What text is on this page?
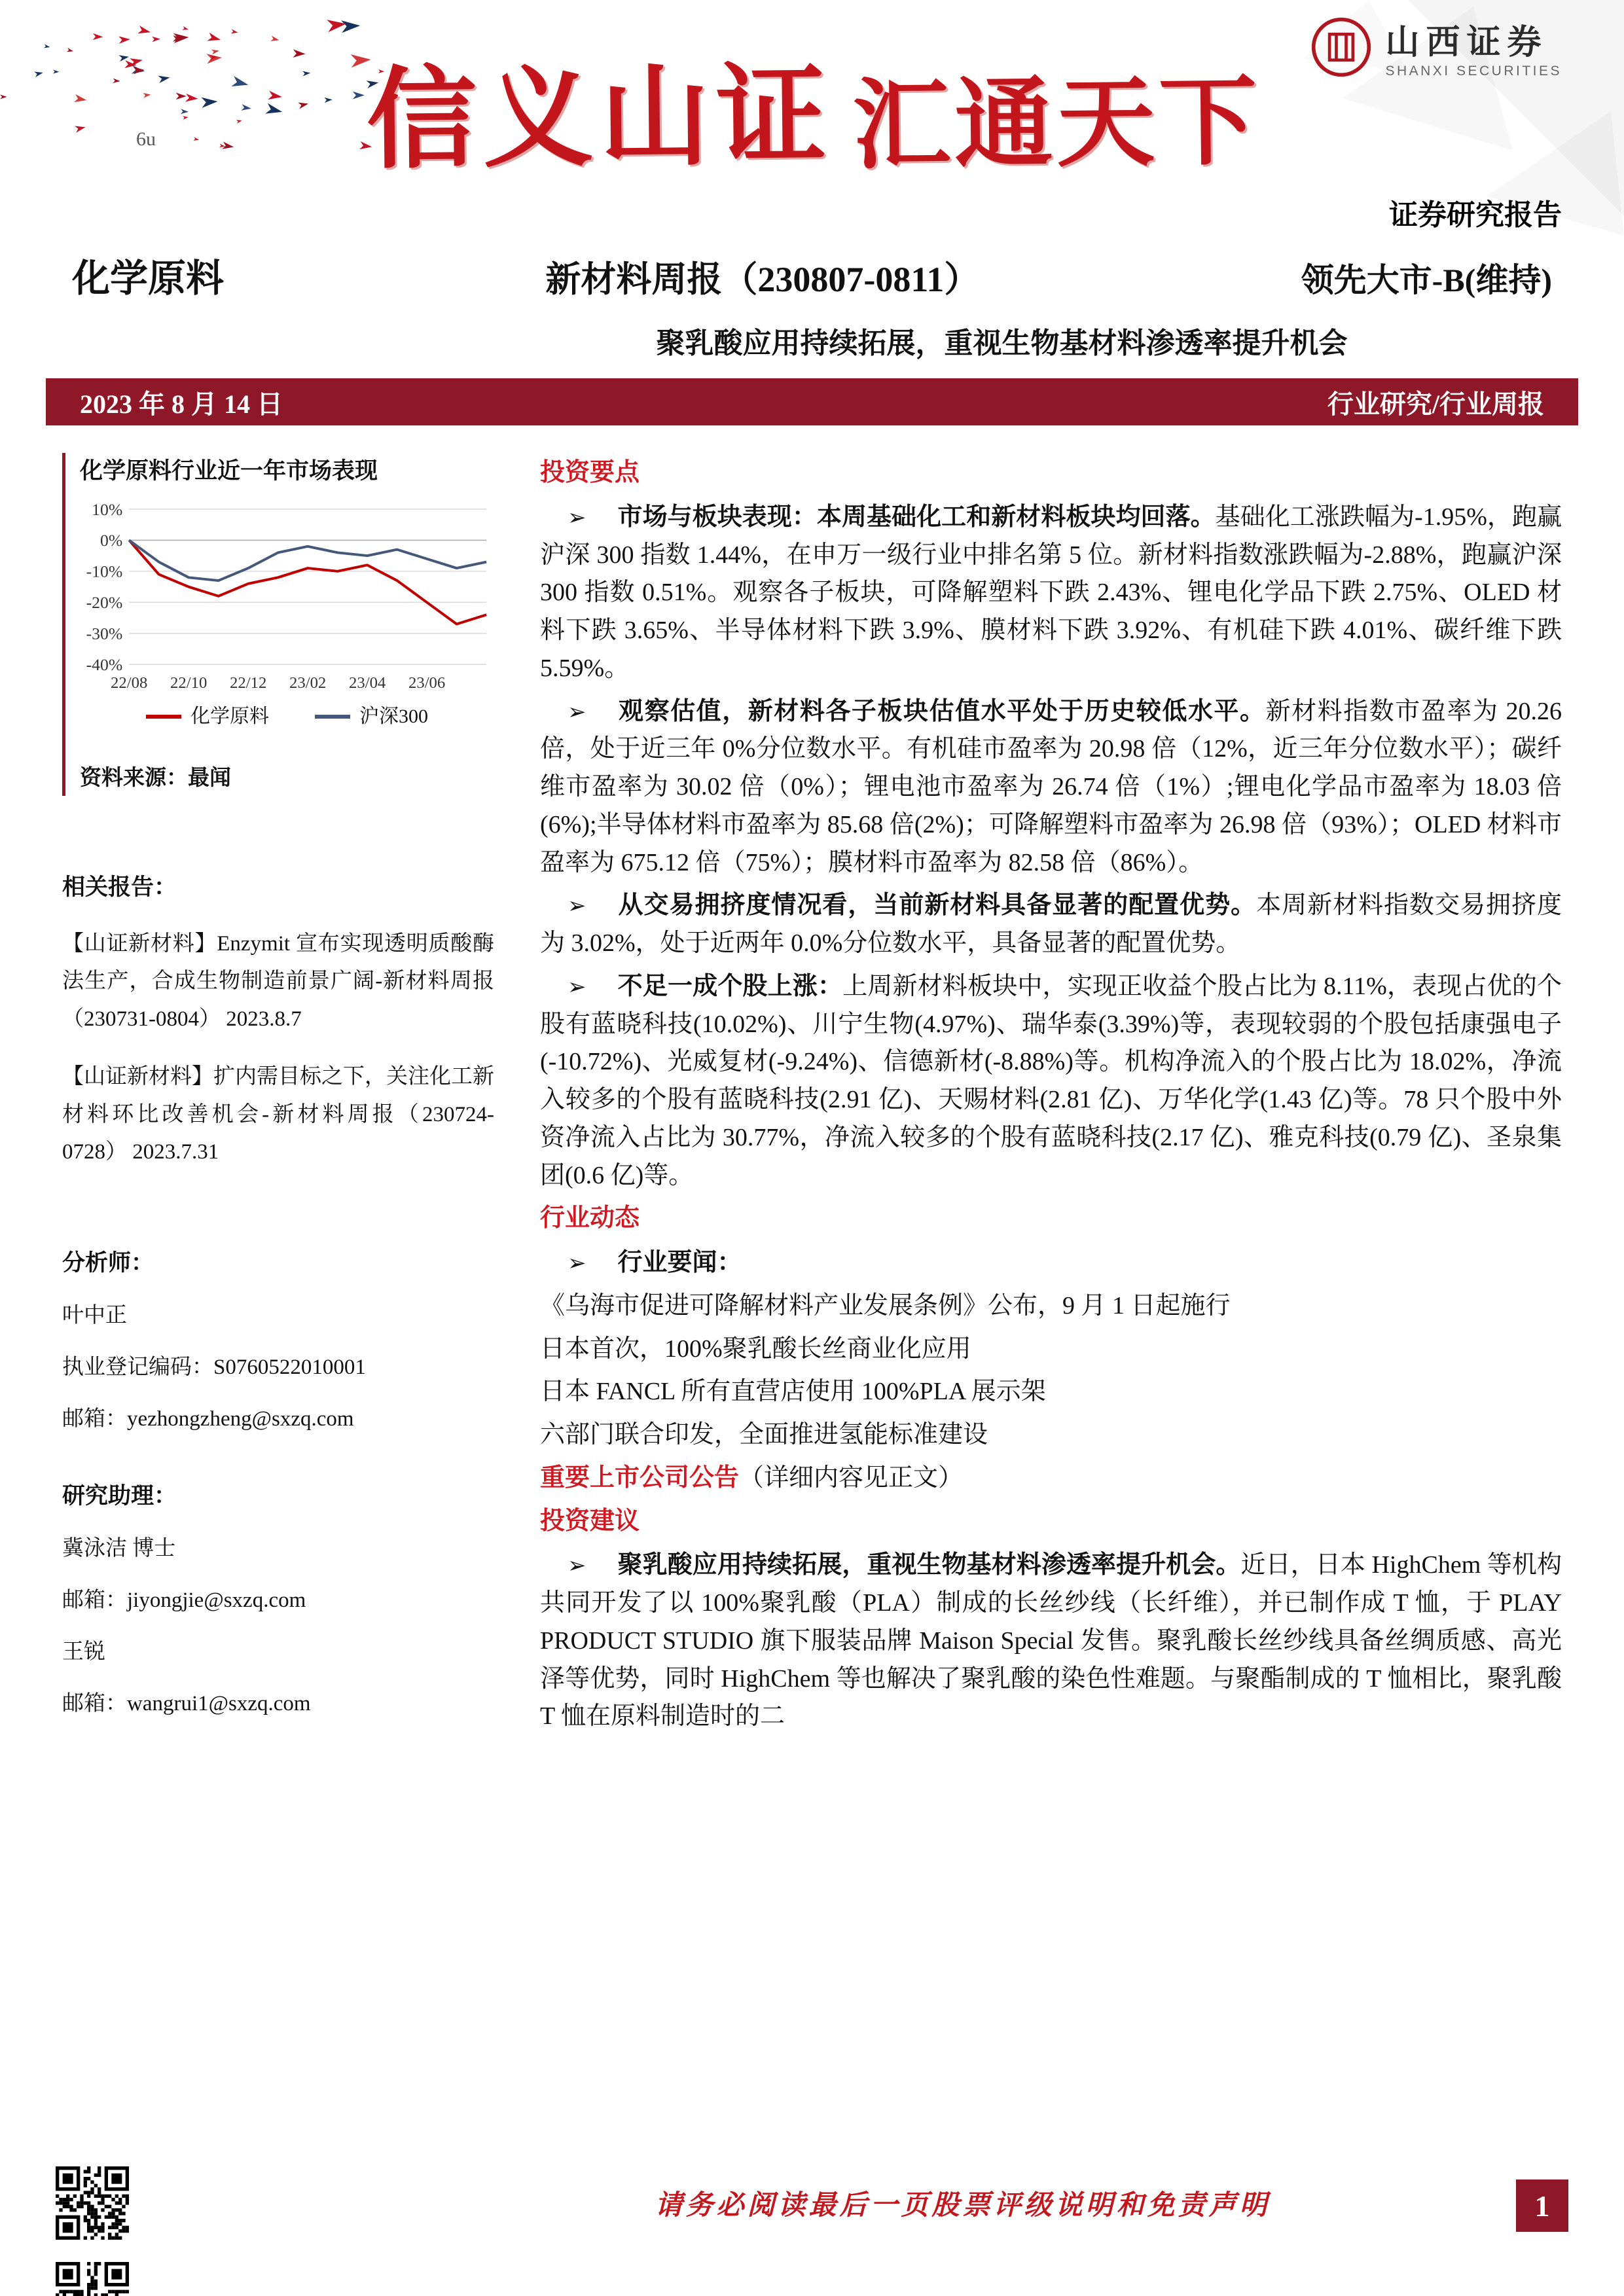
6u 信义山证 汇通天下
山西证券
SHANXI SECURITIES
证券研究报告
化学原料	新材料周报（230807-0811）	领先大市-B(维持)
聚乳酸应用持续拓展，重视生物基材料渗透率提升机会
2023 年 8 月 14 日	行业研究/行业周报
化学原料行业近一年市场表现
10%
0%
-10%
-20%
-30%
-40%
22/08 22/10 22/12 23/02 23/04 23/06
化学原料	沪深300
资料来源：最闻
相关报告：

【山证新材料】Enzymit 宣布实现透明质酸酶法生产，合成生物制造前景广阔-新材料周报（230731-0804） 2023.8.7

【山证新材料】扩内需目标之下，关注化工新材料环比改善机会-新材料周报（230724-0728） 2023.7.31

分析师：

叶中正

执业登记编码：S0760522010001

邮箱：yezhongzheng@sxzq.com

研究助理：

冀泳洁 博士

邮箱：jiyongjie@sxzq.com

王锐

邮箱：wangrui1@sxzq.com

投资要点

➢ 市场与板块表现：本周基础化工和新材料板块均回落。基础化工涨跌幅为-1.95%，跑赢沪深 300 指数 1.44%，在申万一级行业中排名第 5 位。新材料指数涨跌幅为-2.88%，跑赢沪深 300 指数 0.51%。观察各子板块，可降解塑料下跌 2.43%、锂电化学品下跌 2.75%、OLED 材料下跌 3.65%、半导体材料下跌 3.9%、膜材料下跌 3.92%、有机硅下跌 4.01%、碳纤维下跌 5.59%。

➢ 观察估值，新材料各子板块估值水平处于历史较低水平。新材料指数市盈率为 20.26 倍，处于近三年 0%分位数水平。有机硅市盈率为 20.98 倍（12%，近三年分位数水平）；碳纤维市盈率为 30.02 倍（0%）；锂电池市盈率为 26.74 倍（1%）;锂电化学品市盈率为 18.03 倍(6%);半导体材料市盈率为 85.68 倍(2%)；可降解塑料市盈率为 26.98 倍（93%）；OLED 材料市盈率为 675.12 倍（75%）；膜材料市盈率为 82.58 倍（86%）。

➢ 从交易拥挤度情况看，当前新材料具备显著的配置优势。本周新材料指数交易拥挤度为 3.02%，处于近两年 0.0%分位数水平，具备显著的配置优势。

➢ 不足一成个股上涨：上周新材料板块中，实现正收益个股占比为 8.11%，表现占优的个股有蓝晓科技(10.02%)、川宁生物(4.97%)、瑞华泰(3.39%)等，表现较弱的个股包括康强电子(-10.72%)、光威复材(-9.24%)、信德新材(-8.88%)等。机构净流入的个股占比为 18.02%，净流入较多的个股有蓝晓科技(2.91 亿)、天赐材料(2.81 亿)、万华化学(1.43 亿)等。78 只个股中外资净流入占比为 30.77%，净流入较多的个股有蓝晓科技(2.17 亿)、雅克科技(0.79 亿)、圣泉集团(0.6 亿)等。

行业动态

➢ 行业要闻：

《乌海市促进可降解材料产业发展条例》公布，9 月 1 日起施行

日本首次，100%聚乳酸长丝商业化应用

日本 FANCL 所有直营店使用 100%PLA 展示架

六部门联合印发，全面推进氢能标准建设

重要上市公司公告（详细内容见正文）

投资建议

➢ 聚乳酸应用持续拓展，重视生物基材料渗透率提升机会。近日，日本 HighChem 等机构共同开发了以 100%聚乳酸（PLA）制成的长丝纱线（长纤维），并已制作成 T 恤，于 PLAY PRODUCT STUDIO 旗下服装品牌 Maison Special 发售。聚乳酸长丝纱线具备丝绸质感、高光泽等优势，同时 HighChem 等也解决了聚乳酸的染色性难题。与聚酯制成的 T 恤相比，聚乳酸 T 恤在原料制造时的二

请务必阅读最后一页股票评级说明和免责声明	1
